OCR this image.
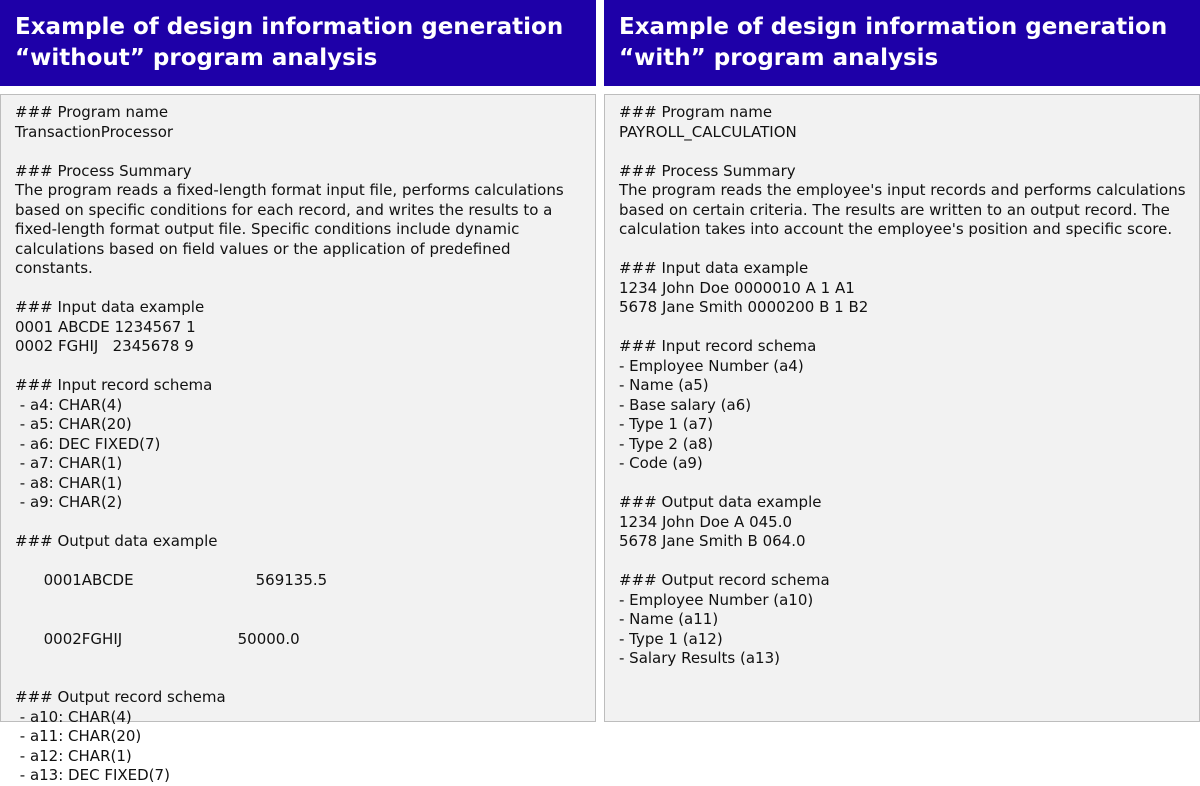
Example of design information generation
“without” program analysis
### Program name
TransactionProcessor
### Process Summary
The program reads a fixed-length format input file, performs calculations based on specific conditions for each record, and writes the results to a fixed-length format output file. Specific conditions include dynamic calculations based on field values or the application of predefined constants.
### Input data example
0001 ABCDE 1234567 1
0002 FGHIJ   2345678 9
### Input record schema
- a4: CHAR(4)
- a5: CHAR(20)
- a6: DEC FIXED(7)
- a7: CHAR(1)
- a8: CHAR(1)
- a9: CHAR(2)
### Output data example

0001ABCDE	569135.5

0002FGHIJ	50000.0

### Output record schema
- a10: CHAR(4)
- a11: CHAR(20)
- a12: CHAR(1)
- a13: DEC FIXED(7)
Example of design information generation
“with” program analysis
### Program name
PAYROLL_CALCULATION
### Process Summary
The program reads the employee's input records and performs calculations based on certain criteria. The results are written to an output record. The calculation takes into account the employee's position and specific score.
### Input data example
1234 John Doe 0000010 A 1 A1
5678 Jane Smith 0000200 B 1 B2
### Input record schema
- Employee Number (a4)
- Name (a5)
- Base salary (a6)
- Type 1 (a7)
- Type 2 (a8)
- Code (a9)
### Output data example
1234 John Doe A 045.0
5678 Jane Smith B 064.0
### Output record schema
- Employee Number (a10)
- Name (a11)
- Type 1 (a12)
- Salary Results (a13)
